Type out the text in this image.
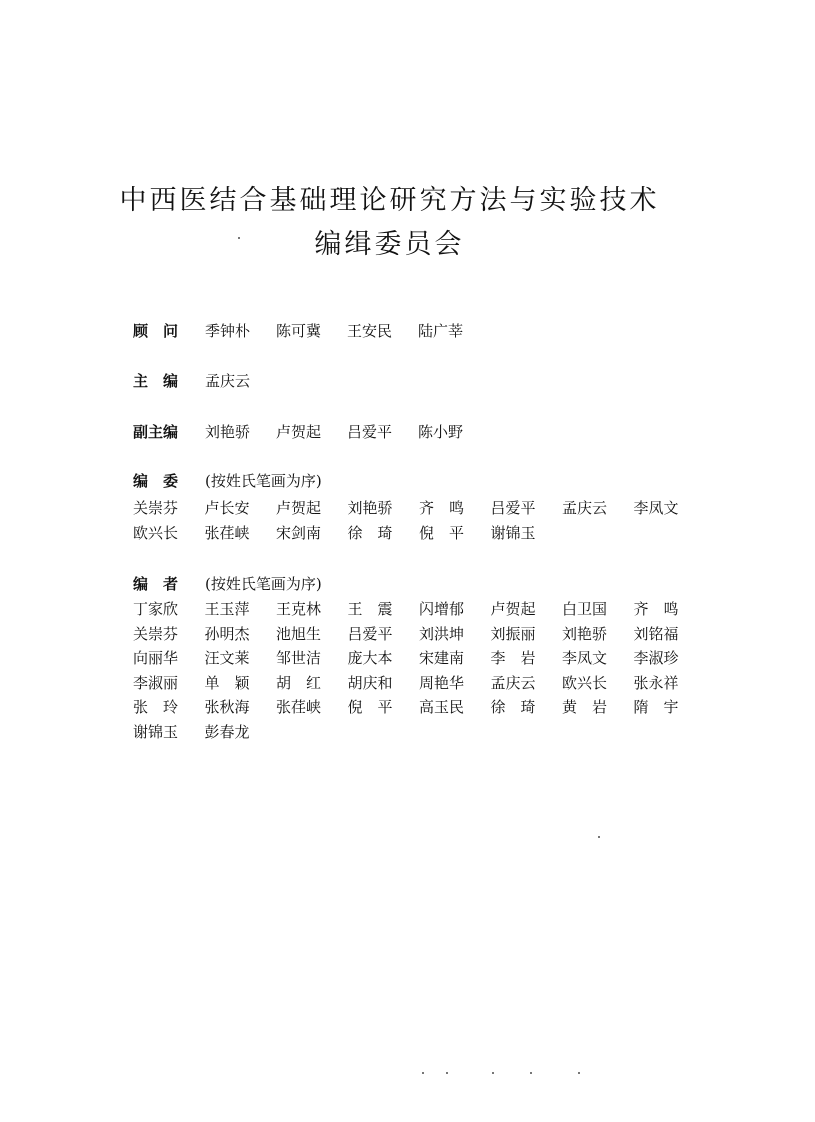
中西医结合基础理论研究方法与实验技术
编缉委员会
顾　问 季钟朴 陈可冀 王安民 陆广莘
主　编 孟庆云
副主编 刘艳骄 卢贺起 吕爱平 陈小野
编　委 (按姓氏笔画为序)
关崇芬 卢长安 卢贺起 刘艳骄 齐　鸣 吕爱平 孟庆云 李凤文
欧兴长 张荏峡 宋剑南 徐　琦 倪　平 谢锦玉
编　者 (按姓氏笔画为序)
丁家欣 王玉萍 王克林 王　震 闪增郁 卢贺起 白卫国 齐　鸣
关崇芬 孙明杰 池旭生 吕爱平 刘洪坤 刘振丽 刘艳骄 刘铭福
向丽华 汪文莱 邹世洁 庞大本 宋建南 李　岩 李凤文 李淑珍
李淑丽 单　颖 胡　红 胡庆和 周艳华 孟庆云 欧兴长 张永祥
张　玲 张秋海 张荏峡 倪　平 高玉民 徐　琦 黄　岩 隋　宇
谢锦玉 彭春龙
